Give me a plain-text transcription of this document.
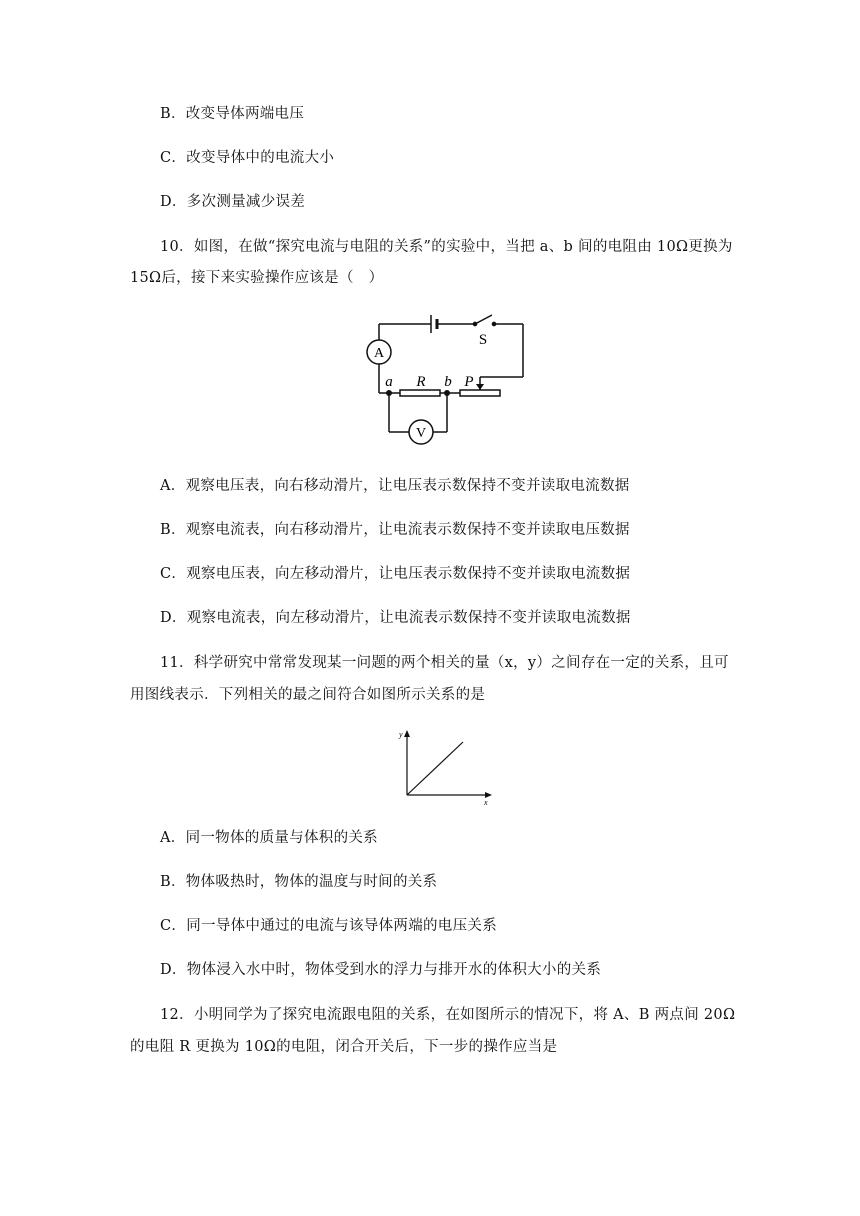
B．改变导体两端电压
C．改变导体中的电流大小
D．多次测量减少误差
10．如图，在做“探究电流与电阻的关系”的实验中，当把 a、b 间的电阻由 10Ω更换为
15Ω后，接下来实验操作应该是（　）
A
V
S
a R b P
A．观察电压表，向右移动滑片，让电压表示数保持不变并读取电流数据
B．观察电流表，向右移动滑片，让电流表示数保持不变并读取电压数据
C．观察电压表，向左移动滑片，让电压表示数保持不变并读取电流数据
D．观察电流表，向左移动滑片，让电流表示数保持不变并读取电流数据
11．科学研究中常常发现某一问题的两个相关的量（x，y）之间存在一定的关系，且可
用图线表示．下列相关的最之间符合如图所示关系的是
y
x
A．同一物体的质量与体积的关系
B．物体吸热时，物体的温度与时间的关系
C．同一导体中通过的电流与该导体两端的电压关系
D．物体浸入水中时，物体受到水的浮力与排开水的体积大小的关系
12．小明同学为了探究电流跟电阻的关系，在如图所示的情况下，将 A、B 两点间 20Ω
的电阻 R 更换为 10Ω的电阻，闭合开关后，下一步的操作应当是
